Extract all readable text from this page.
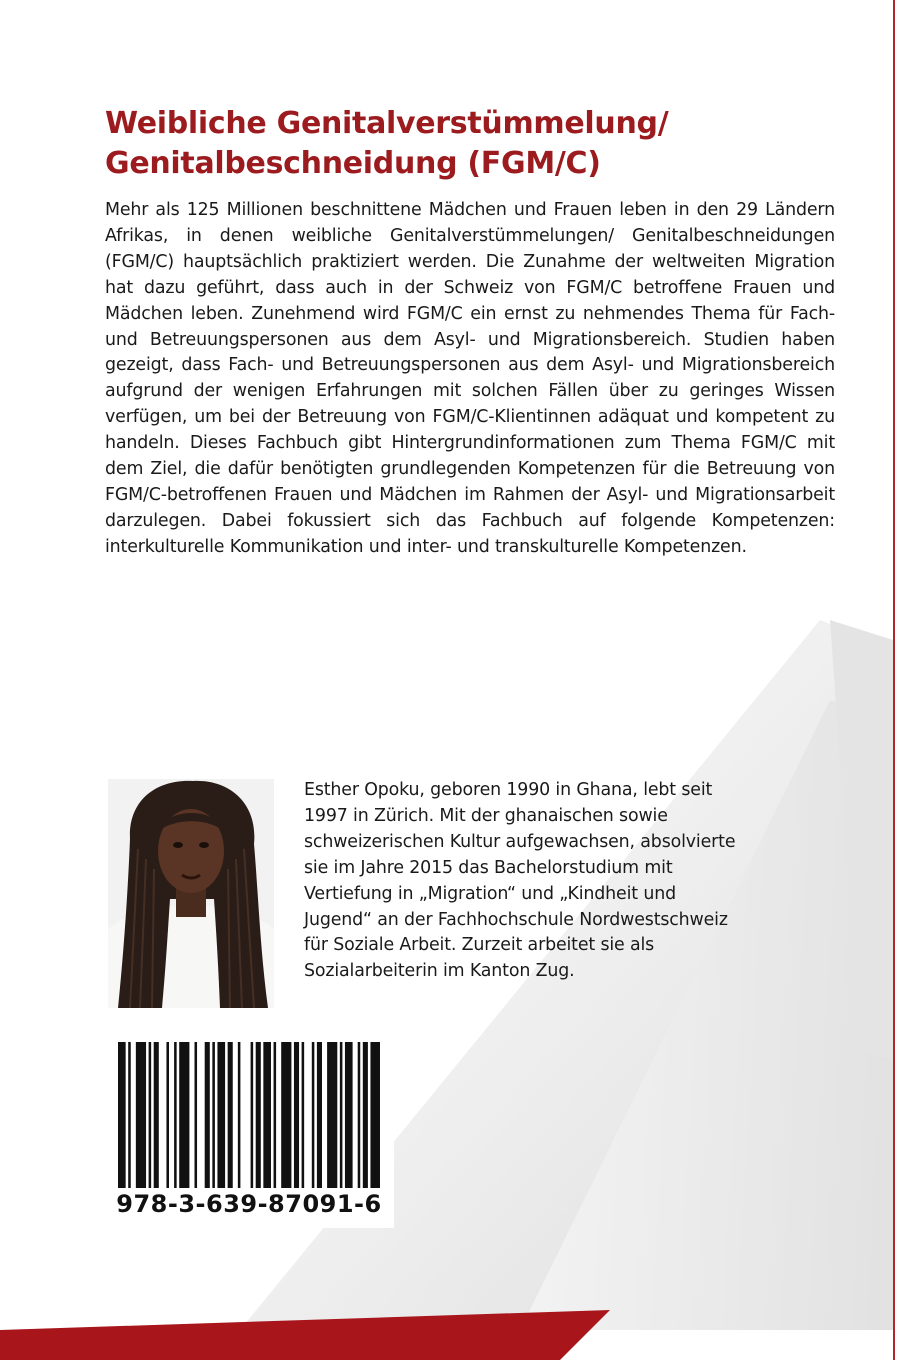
Weibliche Genitalverstümmelung/
Genitalbeschneidung (FGM/C)
Mehr als 125 Millionen beschnittene Mädchen und Frauen leben in den 29 Ländern Afrikas, in denen weibliche Genitalverstümmelungen/ Genitalbeschneidungen (FGM/C) hauptsächlich praktiziert werden. Die Zunahme der weltweiten Migration hat dazu geführt, dass auch in der Schweiz von FGM/C betroffene Frauen und Mädchen leben. Zunehmend wird FGM/C ein ernst zu nehmendes Thema für Fach- und Betreuungspersonen aus dem Asyl- und Migrationsbereich. Studien haben gezeigt, dass Fach- und Betreuungspersonen aus dem Asyl- und Migrationsbereich aufgrund der wenigen Erfahrungen mit solchen Fällen über zu geringes Wissen verfügen, um bei der Betreuung von FGM/C-Klientinnen adäquat und kompetent zu handeln. Dieses Fachbuch gibt Hintergrundinformationen zum Thema FGM/C mit dem Ziel, die dafür benötigten grundlegenden Kompetenzen für die Betreuung von FGM/C-betroffenen Frauen und Mädchen im Rahmen der Asyl- und Migrationsarbeit darzulegen. Dabei fokussiert sich das Fachbuch auf folgende Kompetenzen: interkulturelle Kommunikation und inter- und transkulturelle Kompetenzen.
Esther Opoku, geboren 1990 in Ghana, lebt seit
1997 in Zürich. Mit der ghanaischen sowie
schweizerischen Kultur aufgewachsen, absolvierte
sie im Jahre 2015 das Bachelorstudium mit
Vertiefung in „Migration“ und „Kindheit und
Jugend“ an der Fachhochschule Nordwestschweiz
für Soziale Arbeit. Zurzeit arbeitet sie als
Sozialarbeiterin im Kanton Zug.
978-3-639-87091-6
